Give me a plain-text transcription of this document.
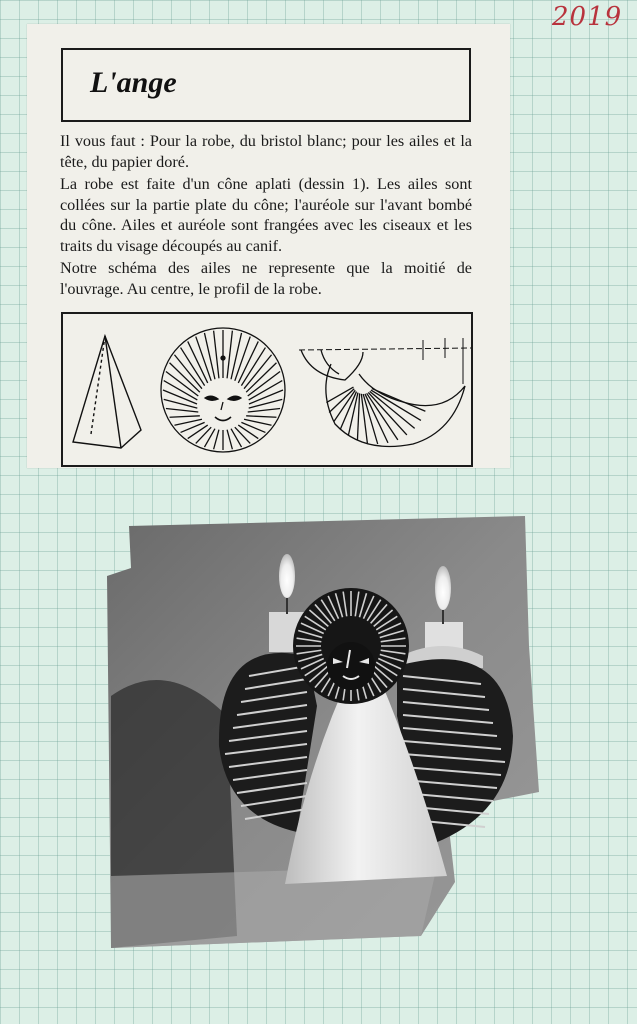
2019
L'ange

Il vous faut : Pour la robe, du bristol blanc; pour les ailes et la tête, du papier doré.

La robe est faite d'un cône aplati (dessin 1). Les ailes sont collées sur la partie plate du cône; l'auréole sur l'avant bombé du cône. Ailes et auréole sont frangées avec les ciseaux et les traits du visage découpés au canif.

Notre schéma des ailes ne represente que la moitié de l'ouvrage. Au centre, le profil de la robe.
